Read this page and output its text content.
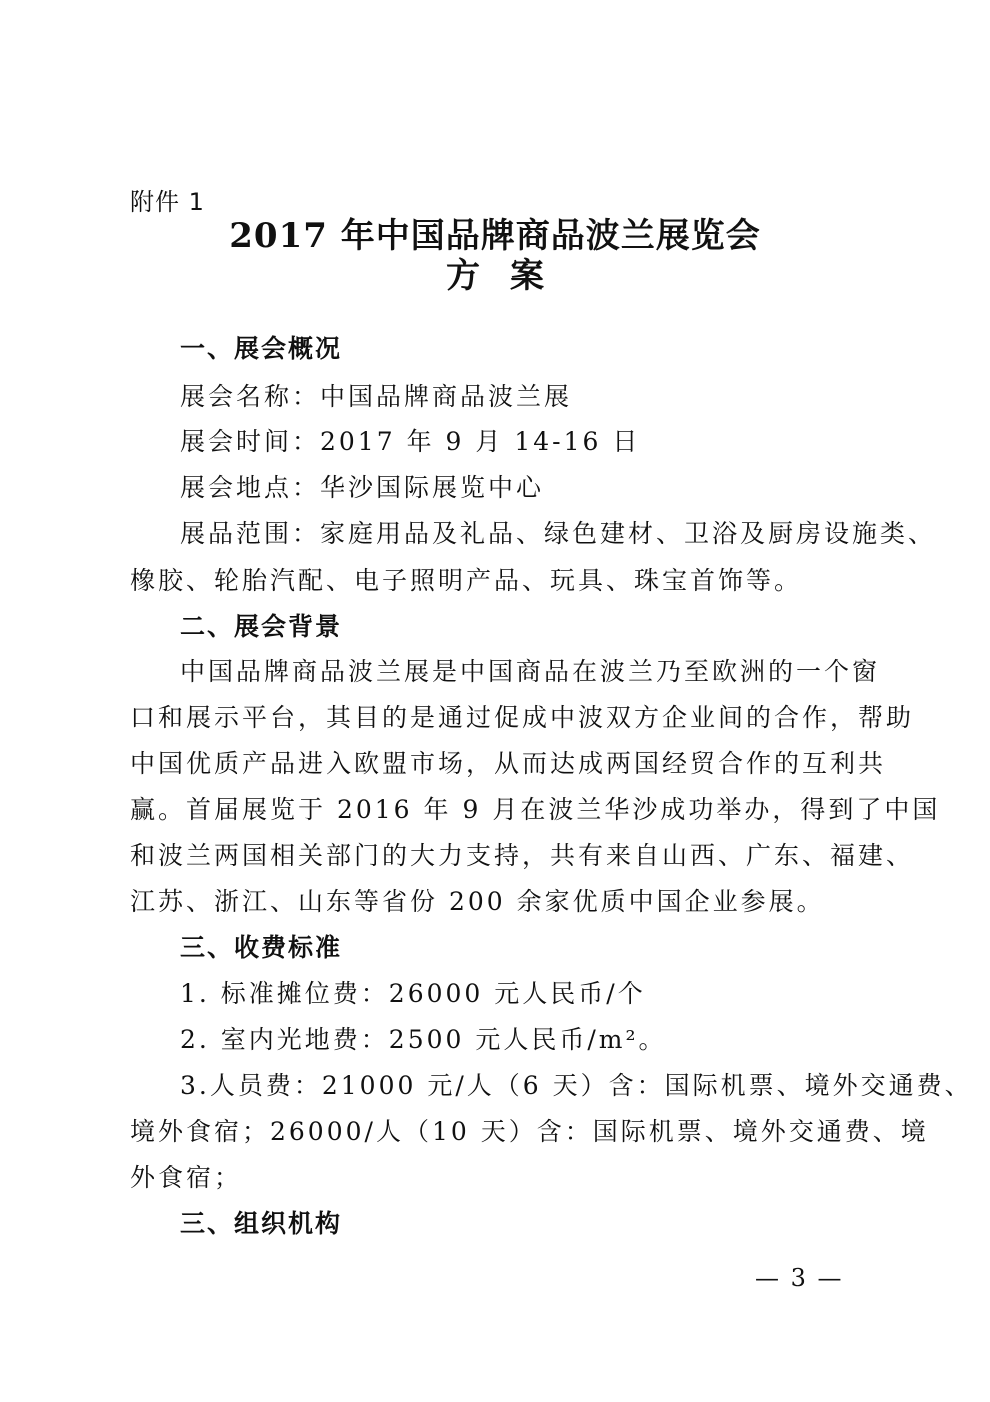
附件 1
2017 年中国品牌商品波兰展览会
方案
一、展会概况
展会名称：中国品牌商品波兰展
展会时间：2017 年 9 月 14-16 日
展会地点：华沙国际展览中心
展品范围：家庭用品及礼品、绿色建材、卫浴及厨房设施类、
橡胶、轮胎汽配、电子照明产品、玩具、珠宝首饰等。
二、展会背景
中国品牌商品波兰展是中国商品在波兰乃至欧洲的一个窗
口和展示平台，其目的是通过促成中波双方企业间的合作，帮助
中国优质产品进入欧盟市场，从而达成两国经贸合作的互利共
赢。首届展览于 2016 年 9 月在波兰华沙成功举办，得到了中国
和波兰两国相关部门的大力支持，共有来自山西、广东、福建、
江苏、浙江、山东等省份 200 余家优质中国企业参展。
三、收费标准
1. 标准摊位费：26000 元人民币/个
2. 室内光地费：2500 元人民币/m²。
3.人员费：21000 元/人（6 天）含：国际机票、境外交通费、
境外食宿；26000/人（10 天）含：国际机票、境外交通费、境
外食宿；
三、组织机构
— 3 —
